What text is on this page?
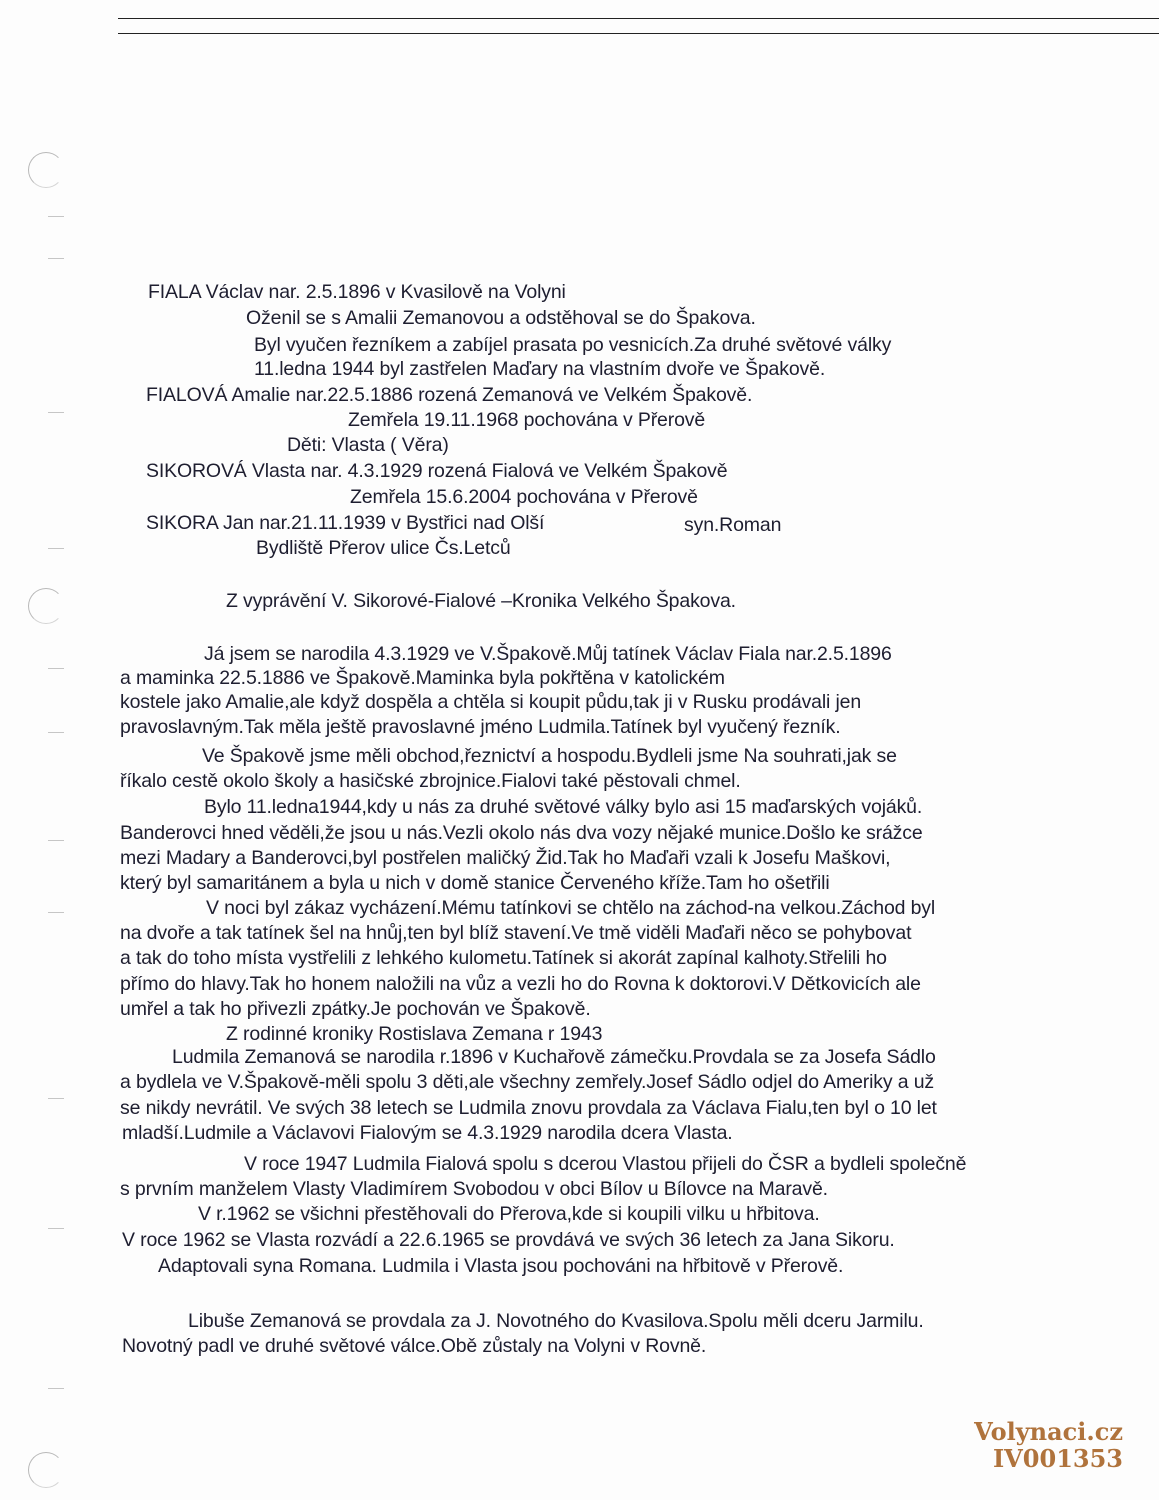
FIALA Václav nar. 2.5.1896 v Kvasilově na Volyni
Oženil se s Amalii Zemanovou a odstěhoval se do Špakova.
Byl vyučen řezníkem a zabíjel prasata po vesnicích.Za druhé světové války
11.ledna 1944 byl zastřelen Maďary na vlastním dvoře ve Špakově.
FIALOVÁ Amalie nar.22.5.1886 rozená Zemanová ve Velkém Špakově.
Zemřela 19.11.1968 pochována v Přerově
Děti: Vlasta ( Věra)
SIKOROVÁ Vlasta nar. 4.3.1929 rozená Fialová ve Velkém Špakově
Zemřela 15.6.2004 pochována v Přerově
SIKORA Jan nar.21.11.1939 v Bystřici nad Olší	syn.Roman
Bydliště Přerov ulice Čs.Letců
Z vyprávění V. Sikorové-Fialové –Kronika Velkého Špakova.
Já jsem se narodila 4.3.1929 ve V.Špakově.Můj tatínek Václav Fiala nar.2.5.1896
a maminka 22.5.1886 ve Špakově.Maminka byla pokřtěna v katolickém
kostele jako Amalie,ale když dospěla a chtěla si koupit půdu,tak ji v Rusku prodávali jen
pravoslavným.Tak měla ještě pravoslavné jméno Ludmila.Tatínek byl vyučený řezník.
Ve Špakově jsme měli obchod,řeznictví a hospodu.Bydleli jsme Na souhrati,jak se
říkalo cestě okolo školy a hasičské zbrojnice.Fialovi také pěstovali chmel.
Bylo 11.ledna1944,kdy u nás za druhé světové války bylo asi 15 maďarských vojáků.
Banderovci hned věděli,že jsou u nás.Vezli okolo nás dva vozy nějaké munice.Došlo ke srážce
mezi Madary a Banderovci,byl postřelen maličký Žid.Tak ho Maďaři vzali k Josefu Maškovi,
který byl samaritánem a byla u nich v domě stanice Červeného kříže.Tam ho ošetřili
V noci byl zákaz vycházení.Mému tatínkovi se chtělo na záchod-na velkou.Záchod byl
na dvoře a tak tatínek šel na hnůj,ten byl blíž stavení.Ve tmě viděli Maďaři něco se pohybovat
a tak do toho místa vystřelili z lehkého kulometu.Tatínek si akorát zapínal kalhoty.Střelili ho
přímo do hlavy.Tak ho honem naložili na vůz a vezli ho do Rovna k doktorovi.V Dětkovicích ale
umřel a tak ho přivezli zpátky.Je pochován ve Špakově.
Z rodinné kroniky Rostislava Zemana r 1943
Ludmila Zemanová se narodila r.1896 v Kuchařově zámečku.Provdala se za Josefa Sádlo
a bydlela ve V.Špakově-měli spolu 3 děti,ale všechny zemřely.Josef Sádlo odjel do Ameriky a už
se nikdy nevrátil. Ve svých 38 letech se Ludmila znovu provdala za Václava Fialu,ten byl o 10 let
mladší.Ludmile a Václavovi Fialovým se 4.3.1929 narodila dcera Vlasta.
V roce 1947 Ludmila Fialová spolu s dcerou Vlastou přijeli do ČSR a bydleli společně
s prvním manželem Vlasty Vladimírem Svobodou v obci Bílov u Bílovce na Maravě.
V r.1962 se všichni přestěhovali do Přerova,kde si koupili vilku u hřbitova.
V roce 1962 se Vlasta rozvádí a 22.6.1965 se provdává ve svých 36 letech za Jana Sikoru.
Adaptovali syna Romana. Ludmila i Vlasta jsou pochováni na hřbitově v Přerově.
Libuše Zemanová se provdala za J. Novotného do Kvasilova.Spolu měli dceru Jarmilu.
Novotný padl ve druhé světové válce.Obě zůstaly na Volyni v Rovně.
Volynaci.cz
IV001353
